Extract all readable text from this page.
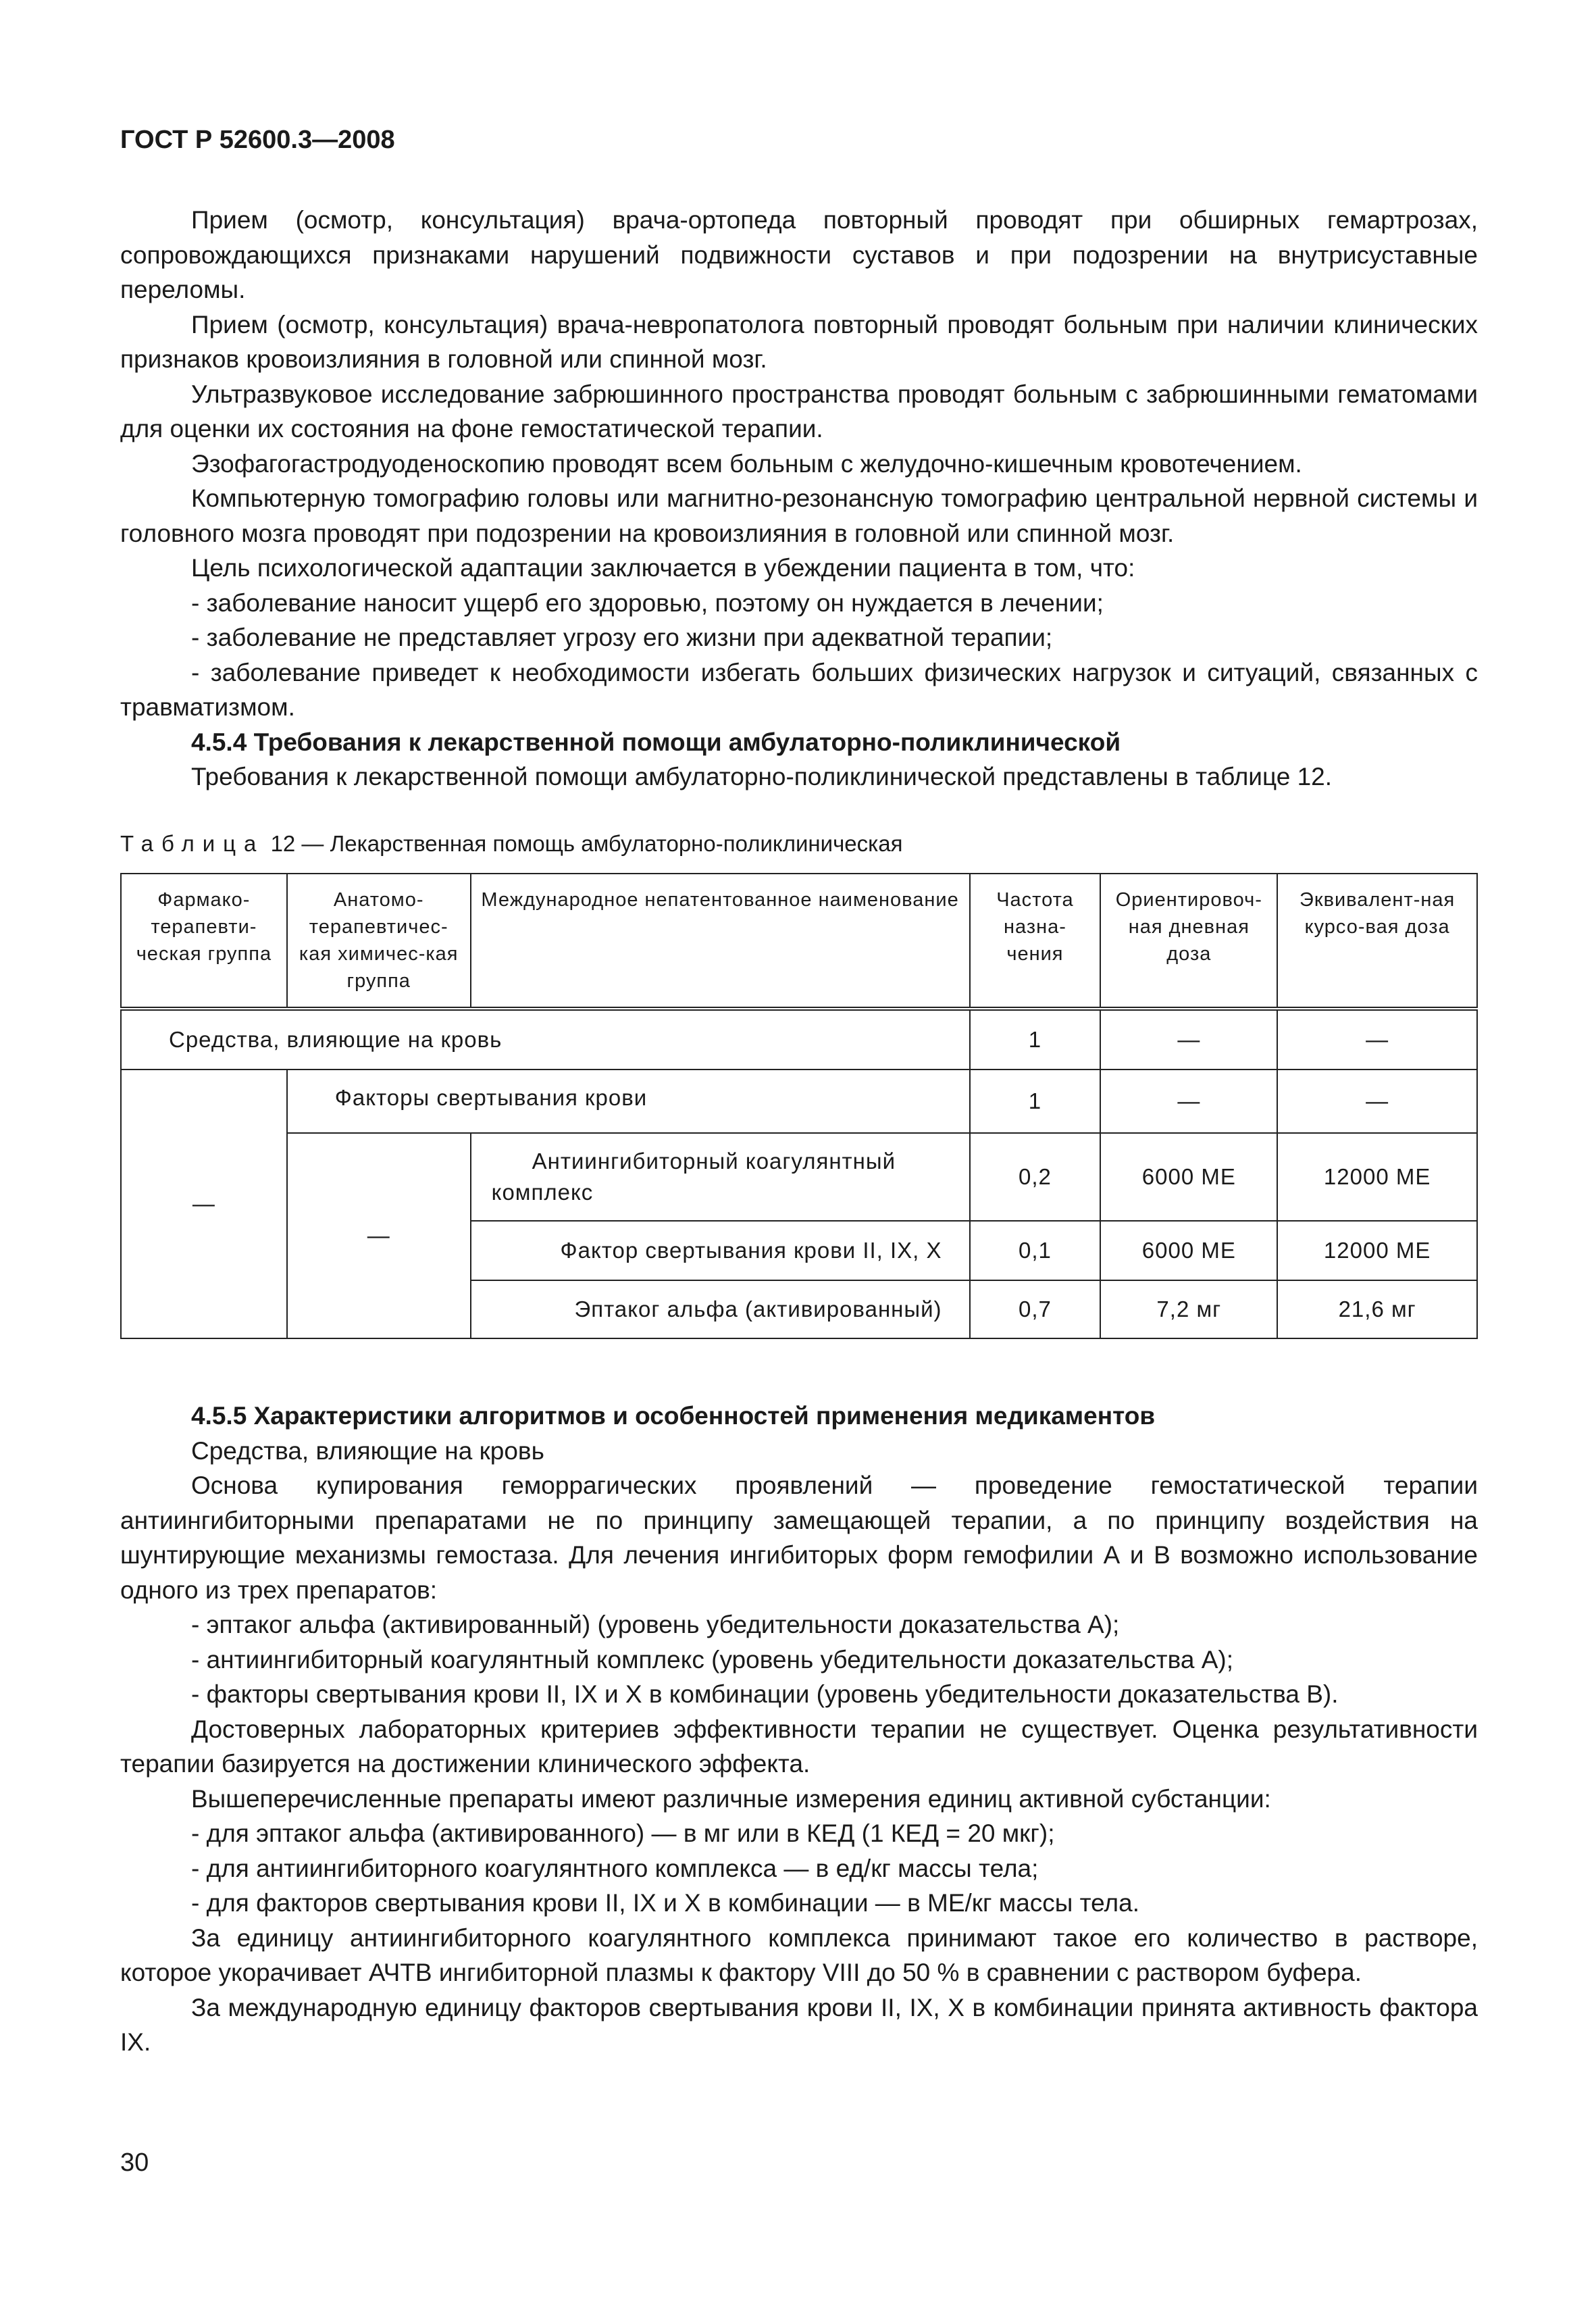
ГОСТ Р 52600.3—2008

Прием (осмотр, консультация) врача-ортопеда повторный проводят при обширных гемартрозах, сопровождающихся признаками нарушений подвижности суставов и при подозрении на внутрисуставные переломы.

Прием (осмотр, консультация) врача-невропатолога повторный проводят больным при наличии клинических признаков кровоизлияния в головной или спинной мозг.

Ультразвуковое исследование забрюшинного пространства проводят больным с забрюшинными гематомами для оценки их состояния на фоне гемостатической терапии.

Эзофагогастродуоденоскопию проводят всем больным с желудочно-кишечным кровотечением.

Компьютерную томографию головы или магнитно-резонансную томографию центральной нервной системы и головного мозга проводят при подозрении на кровоизлияния в головной или спинной мозг.

Цель психологической адаптации заключается в убеждении пациента в том, что:

- заболевание наносит ущерб его здоровью, поэтому он нуждается в лечении;

- заболевание не представляет угрозу его жизни при адекватной терапии;

- заболевание приведет к необходимости избегать больших физических нагрузок и ситуаций, связанных с травматизмом.

4.5.4 Требования к лекарственной помощи амбулаторно-поликлинической

Требования к лекарственной помощи амбулаторно-поликлинической представлены в таблице 12.

Таблица 12 — Лекарственная помощь амбулаторно-поликлиническая
Фармако-терапевти-ческая группа	Анатомо-терапевтичес-кая химичес-кая группа	Международное непатентованное наименование	Частота назна-чения	Ориентировоч-ная дневная доза	Эквивалент-ная курсо-вая доза
Средства, влияющие на кровь			1	—	—
—	Факторы свертывания крови		1	—	—
	—	Антиингибиторный коагулянтный комплекс	0,2	6000 МЕ	12000 МЕ
		Фактор свертывания крови II, IX, X	0,1	6000 МЕ	12000 МЕ
		Эптаког альфа (активированный)	0,7	7,2 мг	21,6 мг

4.5.5 Характеристики алгоритмов и особенностей применения медикаментов

Средства, влияющие на кровь

Основа купирования геморрагических проявлений — проведение гемостатической терапии антиингибиторными препаратами не по принципу замещающей терапии, а по принципу воздействия на шунтирующие механизмы гемостаза. Для лечения ингибиторых форм гемофилии А и В возможно использование одного из трех препаратов:

- эптаког альфа (активированный) (уровень убедительности доказательства А);

- антиингибиторный коагулянтный комплекс (уровень убедительности доказательства А);

- факторы свертывания крови II, IX и X в комбинации (уровень убедительности доказательства В).

Достоверных лабораторных критериев эффективности терапии не существует. Оценка результативности терапии базируется на достижении клинического эффекта.

Вышеперечисленные препараты имеют различные измерения единиц активной субстанции:

- для эптаког альфа (активированного) — в мг или в КЕД (1 КЕД = 20 мкг);

- для антиингибиторного коагулянтного комплекса — в ед/кг массы тела;

- для факторов свертывания крови II, IX и X в комбинации — в МЕ/кг массы тела.

За единицу антиингибиторного коагулянтного комплекса принимают такое его количество в растворе, которое укорачивает АЧТВ ингибиторной плазмы к фактору VIII до 50 % в сравнении с раствором буфера.

За международную единицу факторов свертывания крови II, IX, X в комбинации принята активность фактора IX.

30
